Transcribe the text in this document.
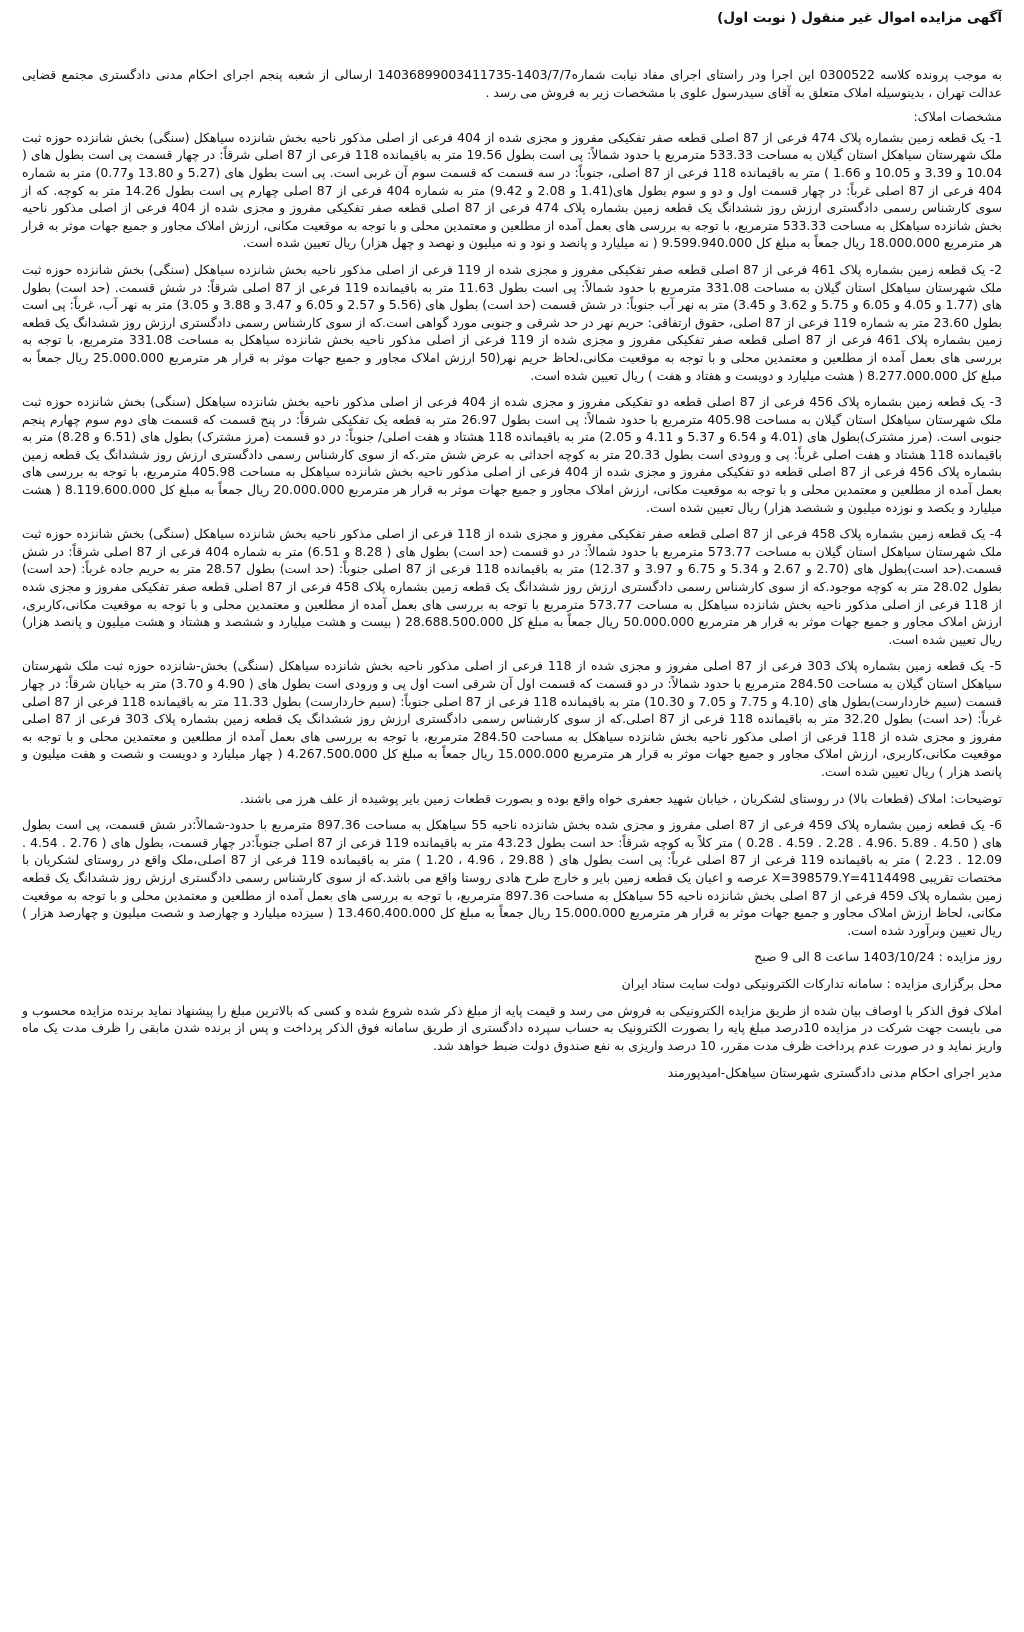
آگهی مزایده اموال غیر منقول ( نوبت اول)

به موجب پرونده کلاسه 0300522 این اجرا ودر راستای اجرای مفاد نیابت شماره1403/7/7-14036899003411735 ارسالی از شعبه پنجم اجرای احکام مدنی دادگستری مجتمع قضایی عدالت تهران ، بدینوسیله املاک متعلق به آقای سیدرسول علوی با مشخصات زیر به فروش می رسد .

مشخصات املاک:

1- یک قطعه زمین بشماره پلاک 474 فرعی از 87 اصلی قطعه صفر تفکیکی مفروز و مجزی شده از 404 فرعی از اصلی مذکور ناحیه بخش شانزده سیاهکل (سنگی) بخش شانزده حوزه ثبت ملک شهرستان سیاهکل استان گیلان به مساحت 533.33 مترمربع با حدود شمالاً: پی است بطول 19.56 متر به باقیمانده 118 فرعی از 87 اصلی شرقاً: در چهار قسمت پی است بطول های ( 10.04 و 3.39 و 10.05 و 1.66 ) متر به باقیمانده 118 فرعی از 87 اصلی، جنوباً: در سه قسمت که قسمت سوم آن غربی است. پی است بطول های (5.27 و 13.80 و0.77) متر به شماره 404 فرعی از 87 اصلی غرباً: در چهار قسمت اول و دو و سوم بطول های(1.41 و 2.08 و 9.42) متر به شماره 404 فرعی از 87 اصلی چهارم پی است بطول 14.26 متر به کوچه. که از سوی کارشناس رسمی دادگستری ارزش روز ششدانگ یک قطعه زمین بشماره پلاک 474 فرعی از 87 اصلی قطعه صفر تفکیکی مفروز و مجزی شده از 404 فرعی از اصلی مذکور ناحیه بخش شانزده سیاهکل به مساحت 533.33 مترمربع، با توجه به بررسی های بعمل آمده از مطلعین و معتمدین محلی و با توجه به موقعیت مکانی، ارزش املاک مجاور و جمیع جهات موثر به قرار هر مترمربع 18.000.000 ریال جمعاً به مبلغ کل 9.599.940.000 ( نه میلیارد و پانصد و نود و نه میلیون و نهصد و چهل هزار) ریال تعیین شده است.

2- یک قطعه زمین بشماره پلاک 461 فرعی از 87 اصلی قطعه صفر تفکیکی مفروز و مجزی شده از 119 فرعی از اصلی مذکور ناحیه بخش شانزده سیاهکل (سنگی) بخش شانزده حوزه ثبت ملک شهرستان سیاهکل استان گیلان به مساحت 331.08 مترمربع با حدود شمالاً: پی است بطول 11.63 متر به باقیمانده 119 فرعی از 87 اصلی شرقاً: در شش قسمت. (حد است) بطول های (1.77 و 4.05 و 6.05 و 5.75 و 3.62 و 3.45) متر به نهر آب جنوباً: در شش قسمت (حد است) بطول های (5.56 و 2.57 و 6.05 و 3.47 و 3.88 و 3.05) متر به نهر آب، غرباً: پی است بطول 23.60 متر به شماره 119 فرعی از 87 اصلی، حقوق ارتفاقی: حریم نهر در حد شرقی و جنوبی مورد گواهی است.که از سوی کارشناس رسمی دادگستری ارزش روز ششدانگ یک قطعه زمین بشماره پلاک 461 فرعی از 87 اصلی قطعه صفر تفکیکی مفروز و مجزی شده از 119 فرعی از اصلی مذکور ناحیه بخش شانزده سیاهکل به مساحت 331.08 مترمربع، با توجه به بررسی های بعمل آمده از مطلعین و معتمدین محلی و با توجه به موقعیت مکانی،لحاظ حریم نهر(50 ارزش املاک مجاور و جمیع جهات موثر به قرار هر مترمربع 25.000.000 ریال جمعاً به مبلغ کل 8.277.000.000 ( هشت میلیارد و دویست و هفتاد و هفت ) ریال تعیین شده است.

3- یک قطعه زمین بشماره پلاک 456 فرعی از 87 اصلی قطعه دو تفکیکی مفروز و مجزی شده از 404 فرعی از اصلی مذکور ناحیه بخش شانزده سیاهکل (سنگی) بخش شانزده حوزه ثبت ملک شهرستان سیاهکل استان گیلان به مساحت 405.98 مترمربع با حدود شمالاً: پی است بطول 26.97 متر به قطعه یک تفکیکی شرقاً: در پنج قسمت که قسمت های دوم سوم چهارم پنجم جنوبی است. (مرز مشترک)بطول های (4.01 و 6.54 و 5.37 و 4.11 و 2.05) متر به باقیمانده 118 هشتاد و هفت اصلی/ جنوباً: در دو قسمت (مرز مشترک) بطول های (6.51 و 8.28) متر به باقیمانده 118 هشتاد و هفت اصلی غرباً: پی و ورودی است بطول 20.33 متر به کوچه احداثی به عرض شش متر.که از سوی کارشناس رسمی دادگستری ارزش روز ششدانگ یک قطعه زمین بشماره پلاک 456 فرعی از 87 اصلی قطعه دو تفکیکی مفروز و مجزی شده از 404 فرعی از اصلی مذکور ناحیه بخش شانزده سیاهکل به مساحت 405.98 مترمربع، با توجه به بررسی های بعمل آمده از مطلعین و معتمدین محلی و با توجه به موقعیت مکانی، ارزش املاک مجاور و جمیع جهات موثر به قرار هر مترمربع 20.000.000 ریال جمعاً به مبلغ کل 8.119.600.000 ( هشت میلیارد و یکصد و نوزده میلیون و ششصد هزار) ریال تعیین شده است.

4- یک قطعه زمین بشماره پلاک 458 فرعی از 87 اصلی قطعه صفر تفکیکی مفروز و مجزی شده از 118 فرعی از اصلی مذکور ناحیه بخش شانزده سیاهکل (سنگی) بخش شانزده حوزه ثبت ملک شهرستان سیاهکل استان گیلان به مساحت 573.77 مترمربع با حدود شمالاً: در دو قسمت (حد است) بطول های ( 8.28 و 6.51) متر به شماره 404 فرعی از 87 اصلی شرقاً: در شش قسمت.(حد است)بطول های (2.70 و 2.67 و 5.34 و 6.75 و 3.97 و 12.37) متر به باقیمانده 118 فرعی از 87 اصلی جنوباً: (حد است) بطول 28.57 متر به حریم جاده غرباً: (حد است) بطول 28.02 متر به کوچه موجود.که از سوی کارشناس رسمی دادگستری ارزش روز ششدانگ یک قطعه زمین بشماره پلاک 458 فرعی از 87 اصلی قطعه صفر تفکیکی مفروز و مجزی شده از 118 فرعی از اصلی مذکور ناحیه بخش شانزده سیاهکل به مساحت 573.77 مترمربع با توجه به بررسی های بعمل آمده از مطلعین و معتمدین محلی و با توجه به موقعیت مکانی،کاربری، ارزش املاک مجاور و جمیع جهات موثر به قرار هر مترمربع 50.000.000 ریال جمعاً به مبلغ کل 28.688.500.000 ( بیست و هشت میلیارد و ششصد و هشتاد و هشت میلیون و پانصد هزار) ریال تعیین شده است.

5- یک قطعه زمین بشماره پلاک 303 فرعی از 87 اصلی مفروز و مجزی شده از 118 فرعی از اصلی مذکور ناحیه بخش شانزده سیاهکل (سنگی) بخش-شانزده حوزه ثبت ملک شهرستان سیاهکل استان گیلان به مساحت 284.50 مترمربع با حدود شمالاً: در دو قسمت که قسمت اول آن شرقی است اول پی و ورودی است بطول های ( 4.90 و 3.70) متر به خیابان شرقاً: در چهار قسمت (سیم خاردارست)بطول های (4.10 و 7.75 و 7.05 و 10.30) متر به باقیمانده 118 فرعی از 87 اصلی جنوباً: (سیم خاردارست) بطول 11.33 متر به باقیمانده 118 فرعی از 87 اصلی غرباً: (حد است) بطول 32.20 متر به باقیمانده 118 فرعی از 87 اصلی.که از سوی کارشناس رسمی دادگستری ارزش روز ششدانگ یک قطعه زمین بشماره پلاک 303 فرعی از 87 اصلی مفروز و مجزی شده از 118 فرعی از اصلی مذکور ناحیه بخش شانزده سیاهکل به مساحت 284.50 مترمربع، با توجه به بررسی های بعمل آمده از مطلعین و معتمدین محلی و با توجه به موقعیت مکانی،کاربری، ارزش املاک مجاور و جمیع جهات موثر به قرار هر مترمربع 15.000.000 ریال جمعاً به مبلغ کل 4.267.500.000 ( چهار میلیارد و دویست و شصت و هفت میلیون و پانصد هزار ) ریال تعیین شده است.

توضیحات: املاک (قطعات بالا) در روستای لشکریان ، خیابان شهید جعفری خواه واقع بوده و بصورت قطعات زمین بایر پوشیده از علف هرز می باشند.

6- یک قطعه زمین بشماره پلاک 459 فرعی از 87 اصلی مفروز و مجزی شده بخش شانزده ناحیه 55 سیاهکل به مساحت 897.36 مترمربع با حدود-شمالاً:در شش قسمت، پی است بطول های ( 4.50 . 5.89 .4.96 . 2.28 . 4.59 . 0.28 ) متر کلاً به کوچه شرقاً: حد است بطول 43.23 متر به باقیمانده 119 فرعی از 87 اصلی جنوباً:در چهار قسمت، بطول های ( 2.76 . 4.54 . 12.09 . 2.23 ) متر به باقیمانده 119 فرعی از 87 اصلی غرباً: پی است بطول های ( 29.88 ، 4.96 ، 1.20 ) متر به باقیمانده 119 فرعی از 87 اصلی،ملک واقع در روستای لشکریان با مختصات تقریبی X=398579.Y=4114498 عرصه و اعیان یک قطعه زمین بایر و خارج طرح هادی روستا واقع می باشد.که از سوی کارشناس رسمی دادگستری ارزش روز ششدانگ یک قطعه زمین بشماره پلاک 459 فرعی از 87 اصلی بخش شانزده ناحیه 55 سیاهکل به مساحت 897.36 مترمربع، با توجه به بررسی های بعمل آمده از مطلعین و معتمدین محلی و با توجه به موقعیت مکانی، لحاظ ارزش املاک مجاور و جمیع جهات موثر به قرار هر مترمربع 15.000.000 ریال جمعاً به مبلغ کل 13.460.400.000 ( سیزده میلیارد و چهارصد و شصت میلیون و چهارصد هزار ) ریال تعیین وبرآورد شده است.

روز مزایده : 1403/10/24 ساعت 8 الی 9 صبح

محل برگزاری مزایده : سامانه تدارکات الکترونیکی دولت سایت ستاد ایران

املاک فوق الذکر با اوصاف بیان شده از طریق مزایده الکترونیکی به فروش می رسد و قیمت پایه از مبلغ ذکر شده شروع شده و کسی که بالاترین مبلغ را پیشنهاد نماید برنده مزایده محسوب و می بایست جهت شرکت در مزایده 10درصد مبلغ پایه را بصورت الکترونیک به حساب سپرده دادگستری از طریق سامانه فوق الذکر پرداخت و پس از برنده شدن مابقی را ظرف مدت یک ماه واریز نماید و در صورت عدم پرداخت ظرف مدت مقرر، 10 درصد واریزی به نفع صندوق دولت ضبط خواهد شد.

مدیر اجرای احکام مدنی دادگستری شهرستان سیاهکل-امیدپورمند
